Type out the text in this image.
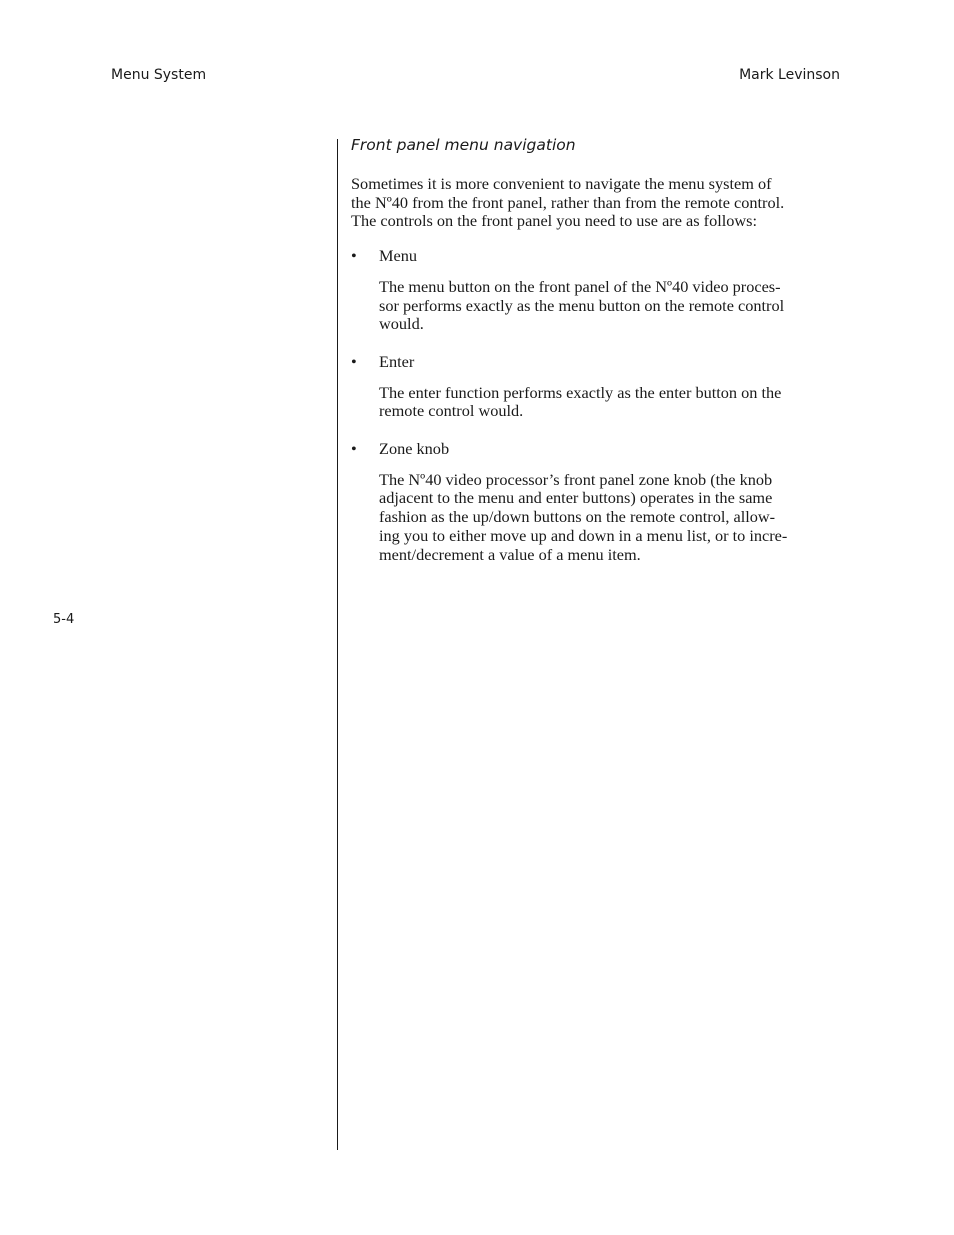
Menu System	Mark Levinson
Front panel menu navigation

Sometimes it is more convenient to navigate the menu system of
the Nº40 from the front panel, rather than from the remote control.
The controls on the front panel you need to use are as follows:

• Menu
The menu button on the front panel of the Nº40 video proces-
sor performs exactly as the menu button on the remote control
would.
• Enter
The enter function performs exactly as the enter button on the
remote control would.
• Zone knob
The Nº40 video processor’s front panel zone knob (the knob
adjacent to the menu and enter buttons) operates in the same
fashion as the up/down buttons on the remote control, allow-
ing you to either move up and down in a menu list, or to incre-
ment/decrement a value of a menu item.
5-4
